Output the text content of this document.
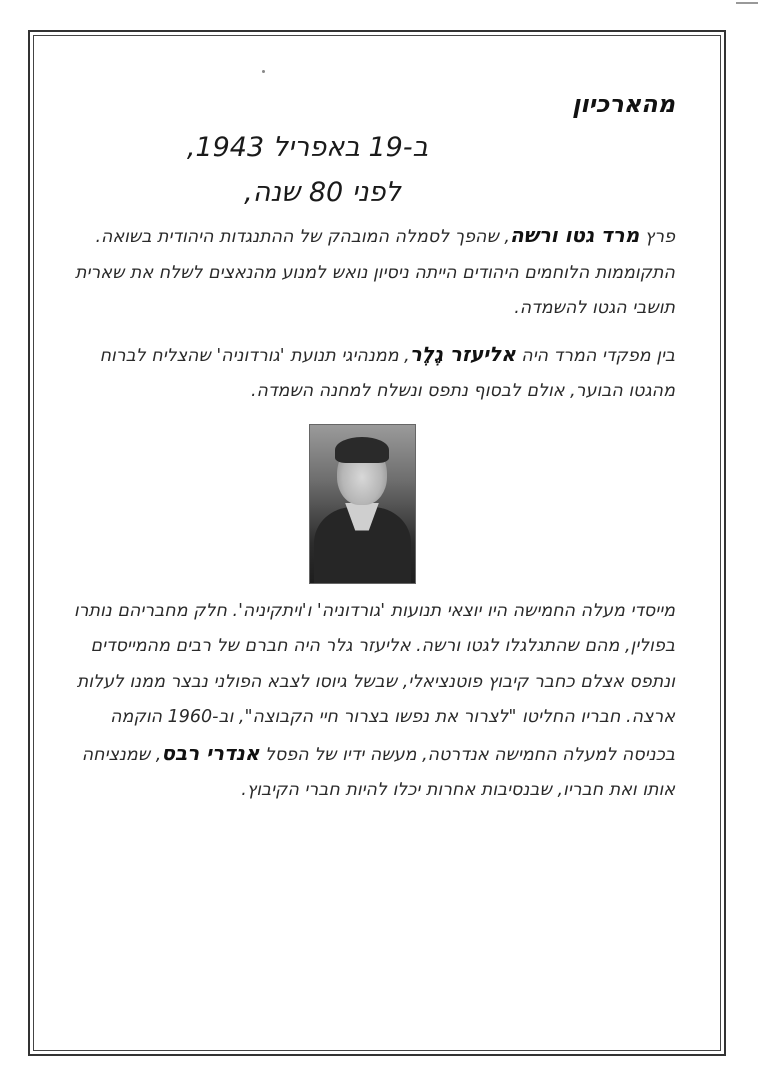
מהארכיון
ב-19 באפריל 1943,
לפני 80 שנה,
פרץ מרד גטו ורשה, שהפך לסמלה המובהק של ההתנגדות היהודית בשואה. התקוממות הלוחמים היהודים הייתה ניסיון נואש למנוע מהנאצים לשלח את שארית תושבי הגטו להשמדה.
בין מפקדי המרד היה אליעזר גֶלֶר, ממנהיגי תנועת 'גורדוניה' שהצליח לברוח מהגטו הבוער, אולם לבסוף נתפס ונשלח למחנה השמדה.
מייסדי מעלה החמישה היו יוצאי תנועות 'גורדוניה' ו'ויתקיניה'. חלק מחבריהם נותרו בפולין, מהם שהתגלגלו לגטו ורשה. אליעזר גלר היה חברם של רבים מהמייסדים ונתפס אצלם כחבר קיבוץ פוטנציאלי, שבשל גיוסו לצבא הפולני נבצר ממנו לעלות ארצה. חבריו החליטו "לצרור את נפשו בצרור חיי הקבוצה", וב-1960 הוקמה בכניסה למעלה החמישה אנדרטה, מעשה ידיו של הפסל אנדרי רבס, שמנציחה אותו ואת חבריו, שבנסיבות אחרות יכלו להיות חברי הקיבוץ.
